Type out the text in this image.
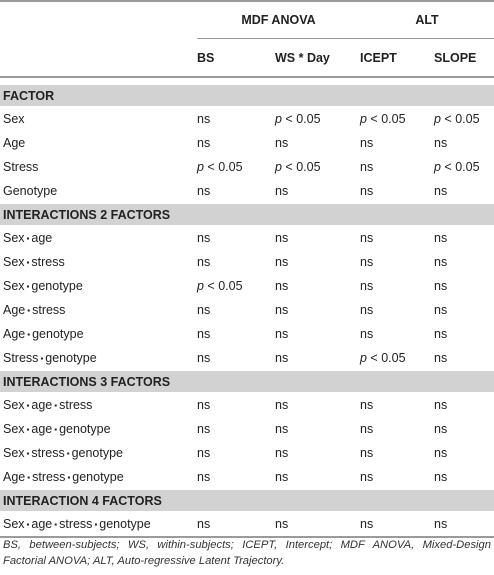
	MDF ANOVA		ALT	
	BS	WS * Day	ICEPT	SLOPE

FACTOR				
Sex	ns	p < 0.05	p < 0.05	p < 0.05
Age	ns	ns	ns	ns
Stress	p < 0.05	p < 0.05	ns	p < 0.05
Genotype	ns	ns	ns	ns
INTERACTIONS 2 FACTORS				
Sex ▪ age	ns	ns	ns	ns
Sex ▪ stress	ns	ns	ns	ns
Sex ▪ genotype	p < 0.05	ns	ns	ns
Age ▪ stress	ns	ns	ns	ns
Age ▪ genotype	ns	ns	ns	ns
Stress ▪ genotype	ns	ns	p < 0.05	ns
INTERACTIONS 3 FACTORS				
Sex ▪ age ▪ stress	ns	ns	ns	ns
Sex ▪ age ▪ genotype	ns	ns	ns	ns
Sex ▪ stress ▪ genotype	ns	ns	ns	ns
Age ▪ stress ▪ genotype	ns	ns	ns	ns
INTERACTION 4 FACTORS				
Sex ▪ age ▪ stress ▪ genotype	ns	ns	ns	ns
BS, between-subjects; WS, within-subjects; ICEPT, Intercept; MDF ANOVA, Mixed-Design Factorial ANOVA; ALT, Auto-regressive Latent Trajectory.
